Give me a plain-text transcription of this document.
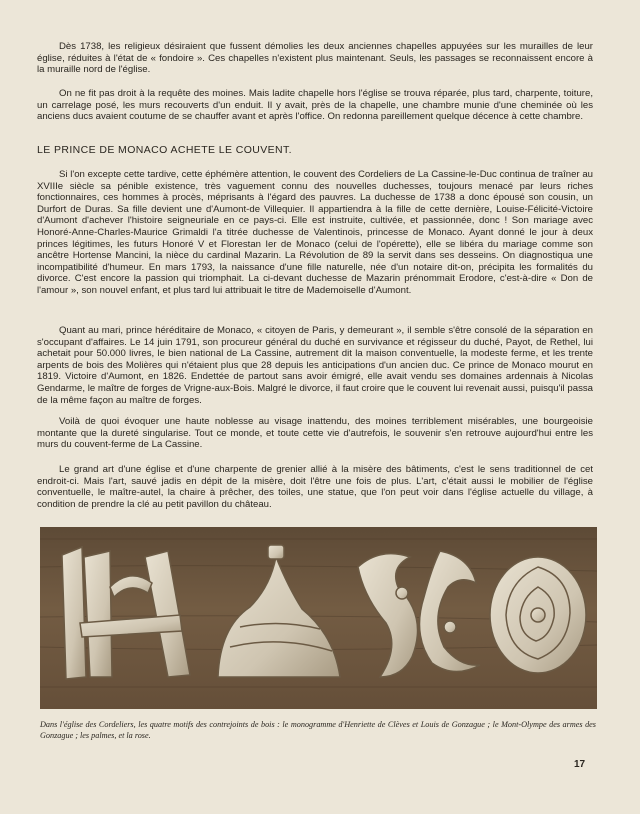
Dès 1738, les religieux désiraient que fussent démolies les deux anciennes chapelles appuyées sur les murailles de leur église, réduites à l'état de « fondoire ». Ces chapelles n'existent plus maintenant. Seuls, les passages se reconnaissent encore à la muraille nord de l'église.

On ne fit pas droit à la requête des moines. Mais ladite chapelle hors l'église se trouva réparée, plus tard, charpente, toiture, un carrelage posé, les murs recouverts d'un enduit. Il y avait, près de la chapelle, une chambre munie d'une cheminée où les anciens ducs avaient coutume de se chauffer avant et après l'office. On redonna pareillement quelque décence à cette chambre.

LE PRINCE DE MONACO ACHETE LE COUVENT.

Si l'on excepte cette tardive, cette éphémère attention, le couvent des Cordeliers de La Cassine-le-Duc continua de traîner au XVIIIe siècle sa pénible existence, très vaguement connu des nouvelles duchesses, toujours menacé par leurs riches fonctionnaires, ces hommes à procès, méprisants à l'égard des pauvres. La duchesse de 1738 a donc épousé son cousin, un Durfort de Duras. Sa fille devient une d'Aumont-de Villequier. Il appartiendra à la fille de cette dernière, Louise-Félicité-Victoire d'Aumont d'achever l'histoire seigneuriale en ce pays-ci. Elle est instruite, cultivée, et passionnée, donc ! Son mariage avec Honoré-Anne-Charles-Maurice Grimaldi l'a titrée duchesse de Valentinois, princesse de Monaco. Ayant donné le jour à deux princes légitimes, les futurs Honoré V et Florestan Ier de Monaco (celui de l'opérette), elle se libéra du mariage comme son ancêtre Hortense Mancini, la nièce du cardinal Mazarin. La Révolution de 89 la servit dans ses desseins. On diagnostiqua une incompatibilité d'humeur. En mars 1793, la naissance d'une fille naturelle, née d'un notaire dit-on, précipita les formalités du divorce. C'est encore la passion qui triomphait. La ci-devant duchesse de Mazarin prénommait Erodore, c'est-à-dire « Don de l'amour », son nouvel enfant, et plus tard lui attribuait le titre de Mademoiselle d'Aumont.

Quant au mari, prince héréditaire de Monaco, « citoyen de Paris, y demeurant », il semble s'être consolé de la séparation en s'occupant d'affaires. Le 14 juin 1791, son procureur général du duché en survivance et régisseur du duché, Payot, de Rethel, lui achetait pour 50.000 livres, le bien national de La Cassine, autrement dit la maison conventuelle, la modeste ferme, et les trente arpents de bois des Molières qui n'étaient plus que 28 depuis les anticipations d'un ancien duc. Ce prince de Monaco mourut en 1819. Victoire d'Aumont, en 1826. Endettée de partout sans avoir émigré, elle avait vendu ses domaines ardennais à Nicolas Gendarme, le maître de forges de Vrigne-aux-Bois. Malgré le divorce, il faut croire que le couvent lui revenait aussi, puisqu'il passa de la même façon au maître de forges.

Voilà de quoi évoquer une haute noblesse au visage inattendu, des moines terriblement misérables, une bourgeoisie montante que la dureté singularise. Tout ce monde, et toute cette vie d'autrefois, le souvenir s'en retrouve aujourd'hui entre les murs du couvent-ferme de La Cassine.

Le grand art d'une église et d'une charpente de grenier allié à la misère des bâtiments, c'est le sens traditionnel de cet endroit-ci. Mais l'art, sauvé jadis en dépit de la misère, doit l'être une fois de plus. L'art, c'était aussi le mobilier de l'église conventuelle, le maître-autel, la chaire à prêcher, des toiles, une statue, que l'on peut voir dans l'église actuelle du village, à condition de prendre la clé au petit pavillon du château.

Dans l'église des Cordeliers, les quatre motifs des contrejoints de bois : le monogramme d'Henriette de Clèves et Louis de Gonzague ; le Mont-Olympe des armes des Gonzague ; les palmes, et la rose.

17
